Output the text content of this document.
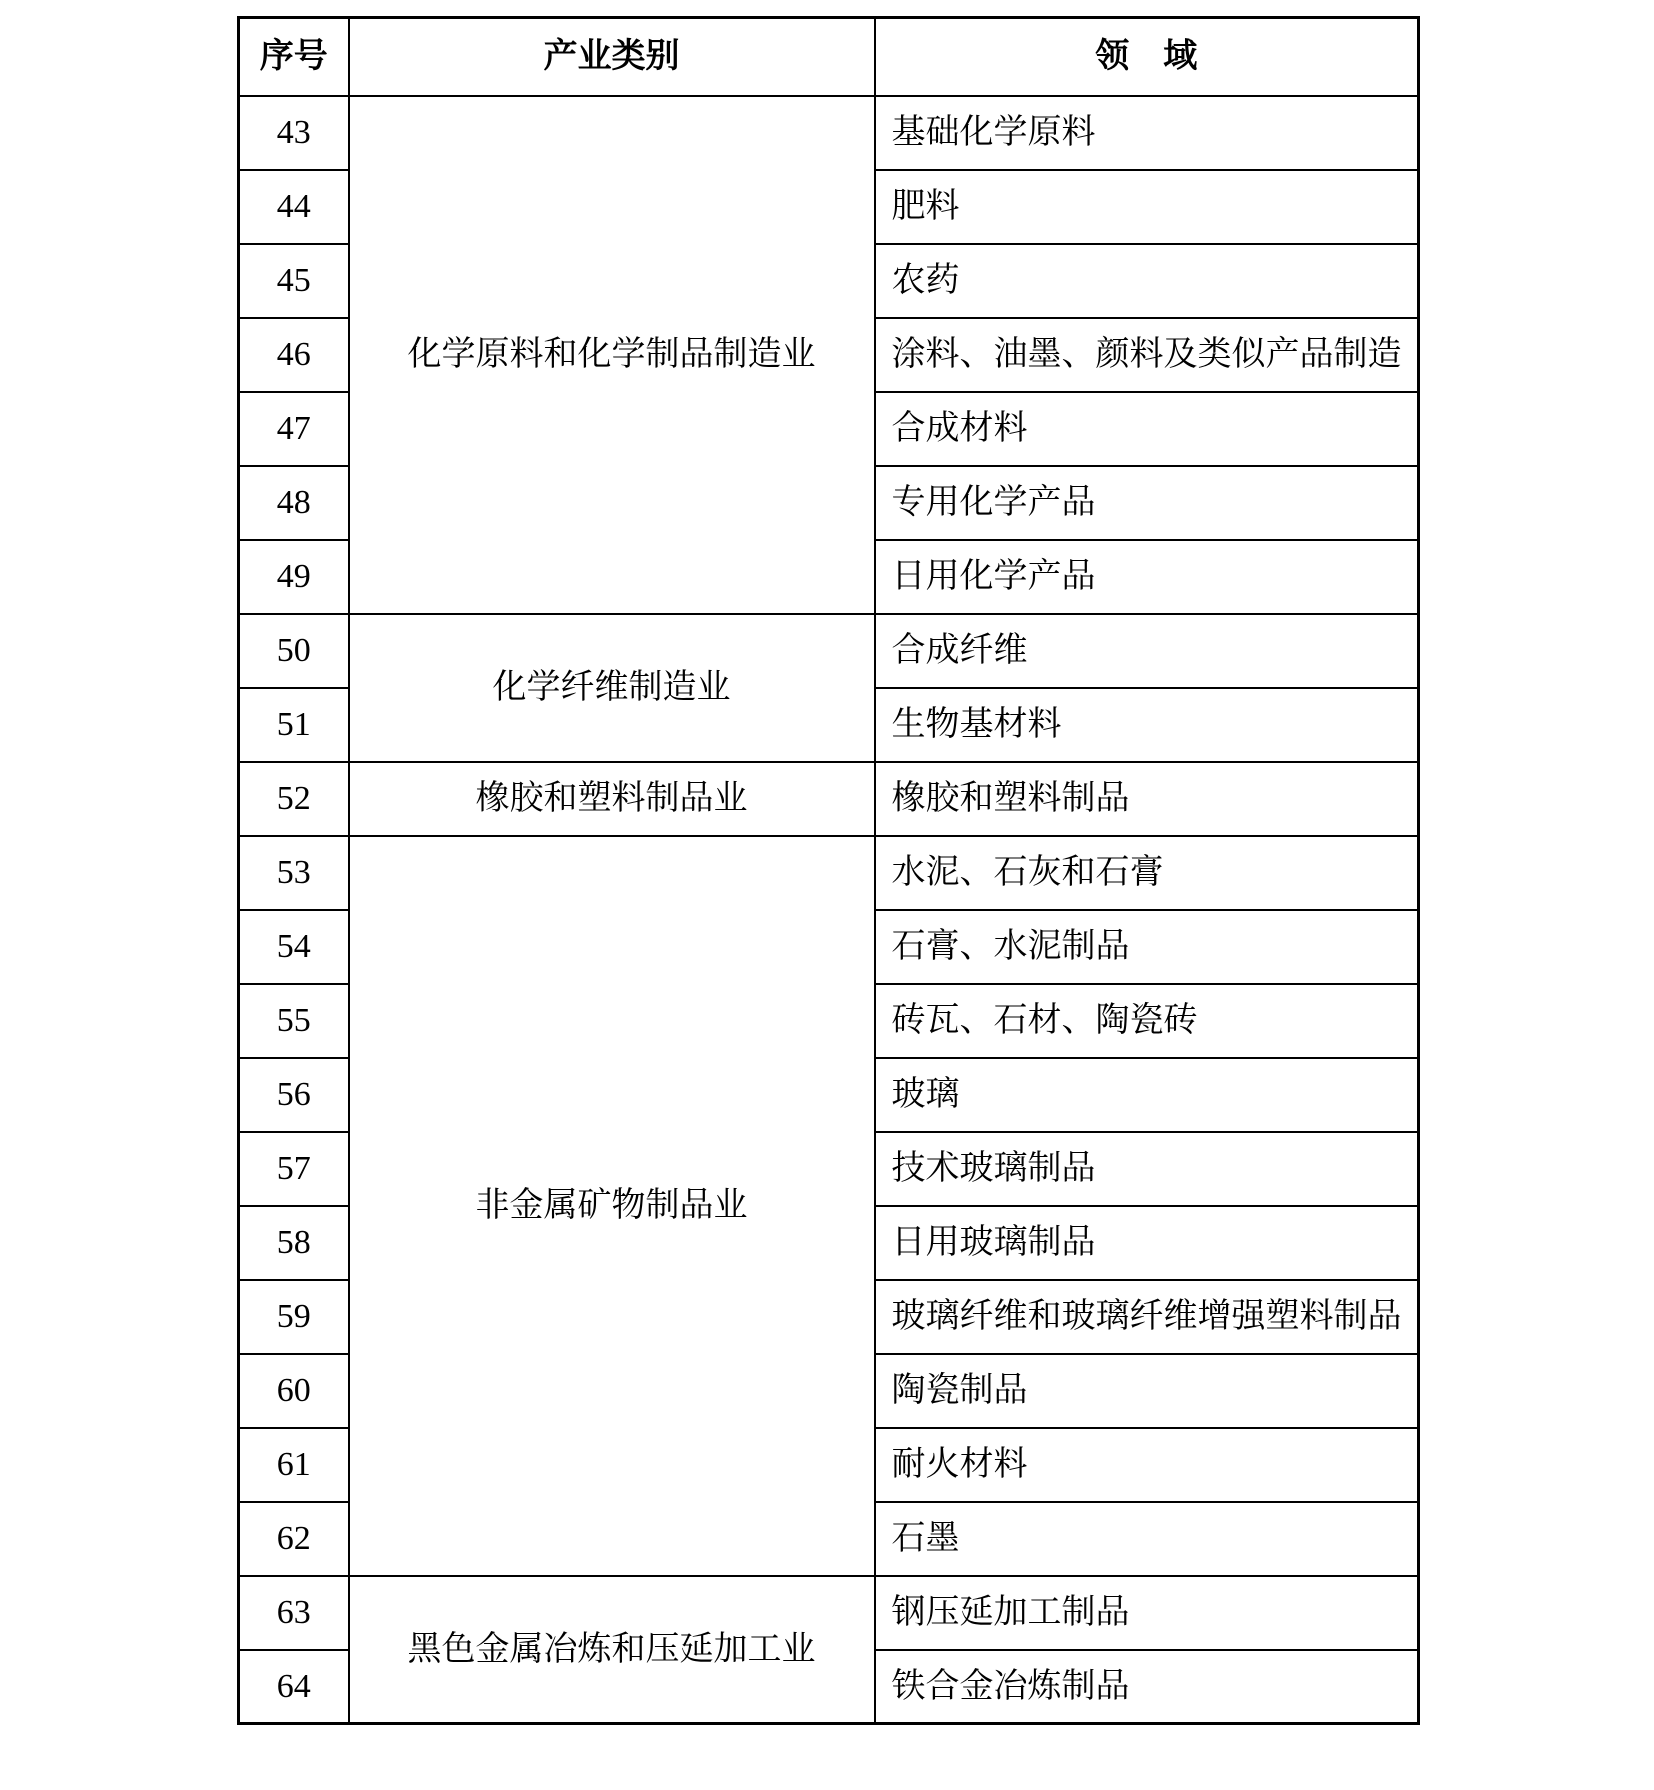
序号	产业类别	领　域
43	化学原料和化学制品制造业	基础化学原料
44		肥料
45		农药
46		涂料、油墨、颜料及类似产品制造
47		合成材料
48		专用化学产品
49		日用化学产品
50	化学纤维制造业	合成纤维
51		生物基材料
52	橡胶和塑料制品业	橡胶和塑料制品
53	非金属矿物制品业	水泥、石灰和石膏
54		石膏、水泥制品
55		砖瓦、石材、陶瓷砖
56		玻璃
57		技术玻璃制品
58		日用玻璃制品
59		玻璃纤维和玻璃纤维增强塑料制品
60		陶瓷制品
61		耐火材料
62		石墨
63	黑色金属冶炼和压延加工业	钢压延加工制品
64		铁合金冶炼制品
